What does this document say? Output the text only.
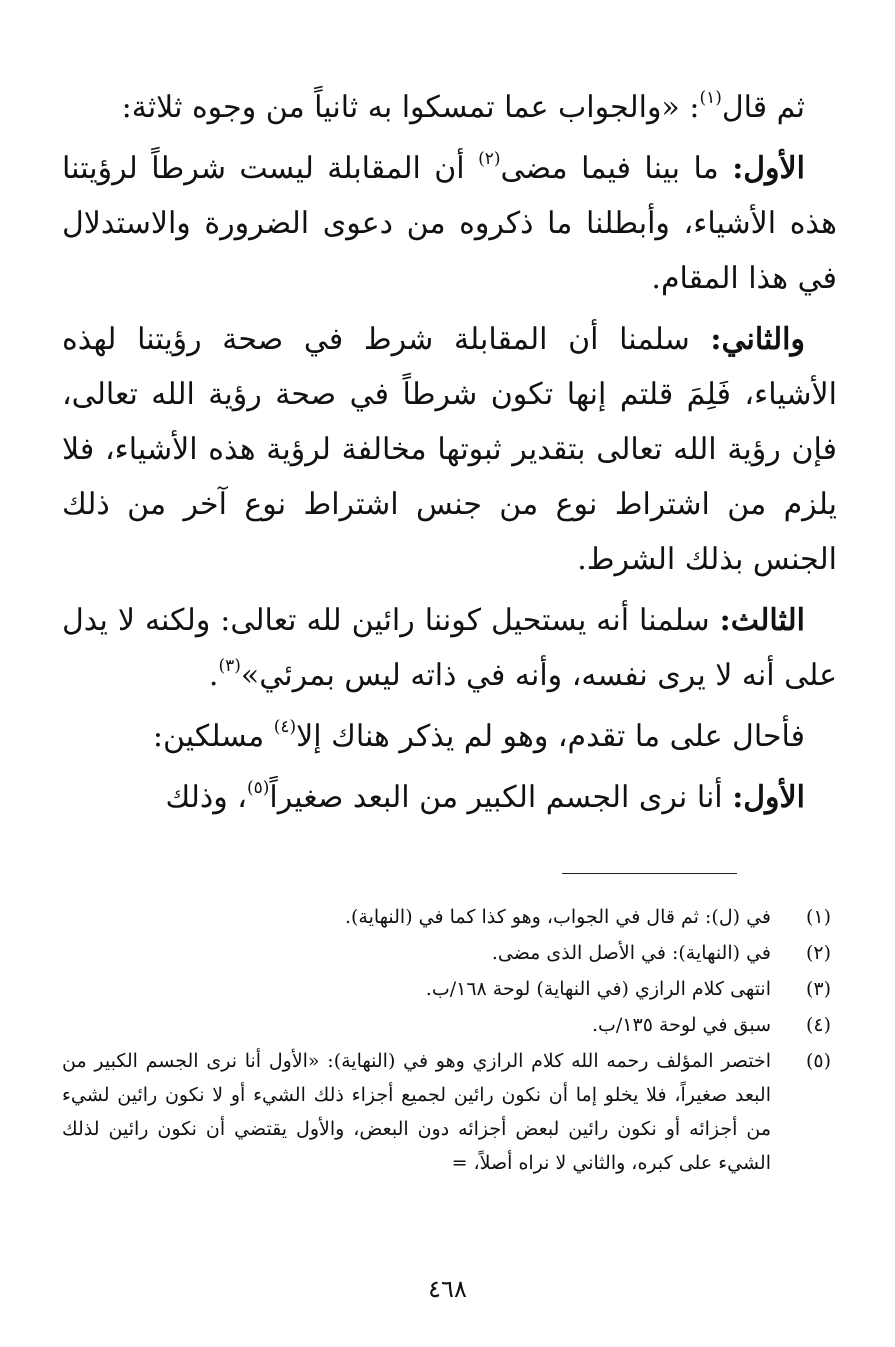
ثم قال$^{(١)}$: «والجواب عما تمسكوا به ثانياً من وجوه ثلاثة:

الأول: ما بينا فيما مضى$^{(٢)}$ أن المقابلة ليست شرطاً لرؤيتنا هذه الأشياء، وأبطلنا ما ذكروه من دعوى الضرورة والاستدلال في هذا المقام.

والثاني: سلمنا أن المقابلة شرط في صحة رؤيتنا لهذه الأشياء، فَلِمَ قلتم إنها تكون شرطاً في صحة رؤية الله تعالى، فإن رؤية الله تعالى بتقدير ثبوتها مخالفة لرؤية هذه الأشياء، فلا يلزم من اشتراط نوع من جنس اشتراط نوع آخر من ذلك الجنس بذلك الشرط.

الثالث: سلمنا أنه يستحيل كوننا رائين لله تعالى: ولكنه لا يدل على أنه لا يرى نفسه، وأنه في ذاته ليس بمرئي»$^{(٣)}$.

فأحال على ما تقدم، وهو لم يذكر هناك إلا$^{(٤)}$ مسلكين:

الأول: أنا نرى الجسم الكبير من البعد صغيراً$^{(٥)}$، وذلك

(١)
في (ل): ثم قال في الجواب، وهو كذا كما في (النهاية).
(٢)
في (النهاية): في الأصل الذى مضى.
(٣)
انتهى كلام الرازي (في النهاية) لوحة ١٦٨/ب.
(٤)
سبق في لوحة ١٣٥/ب.
(٥)
اختصر المؤلف رحمه الله كلام الرازي وهو في (النهاية): «الأول أنا نرى الجسم الكبير من البعد صغيراً، فلا يخلو إما أن نكون رائين لجميع أجزاء ذلك الشيء أو لا نكون رائين لشيء من أجزائه أو نكون رائين لبعض أجزائه دون البعض، والأول يقتضي أن نكون رائين لذلك الشيء على كبره، والثاني لا نراه أصلاً، =
٤٦٨
